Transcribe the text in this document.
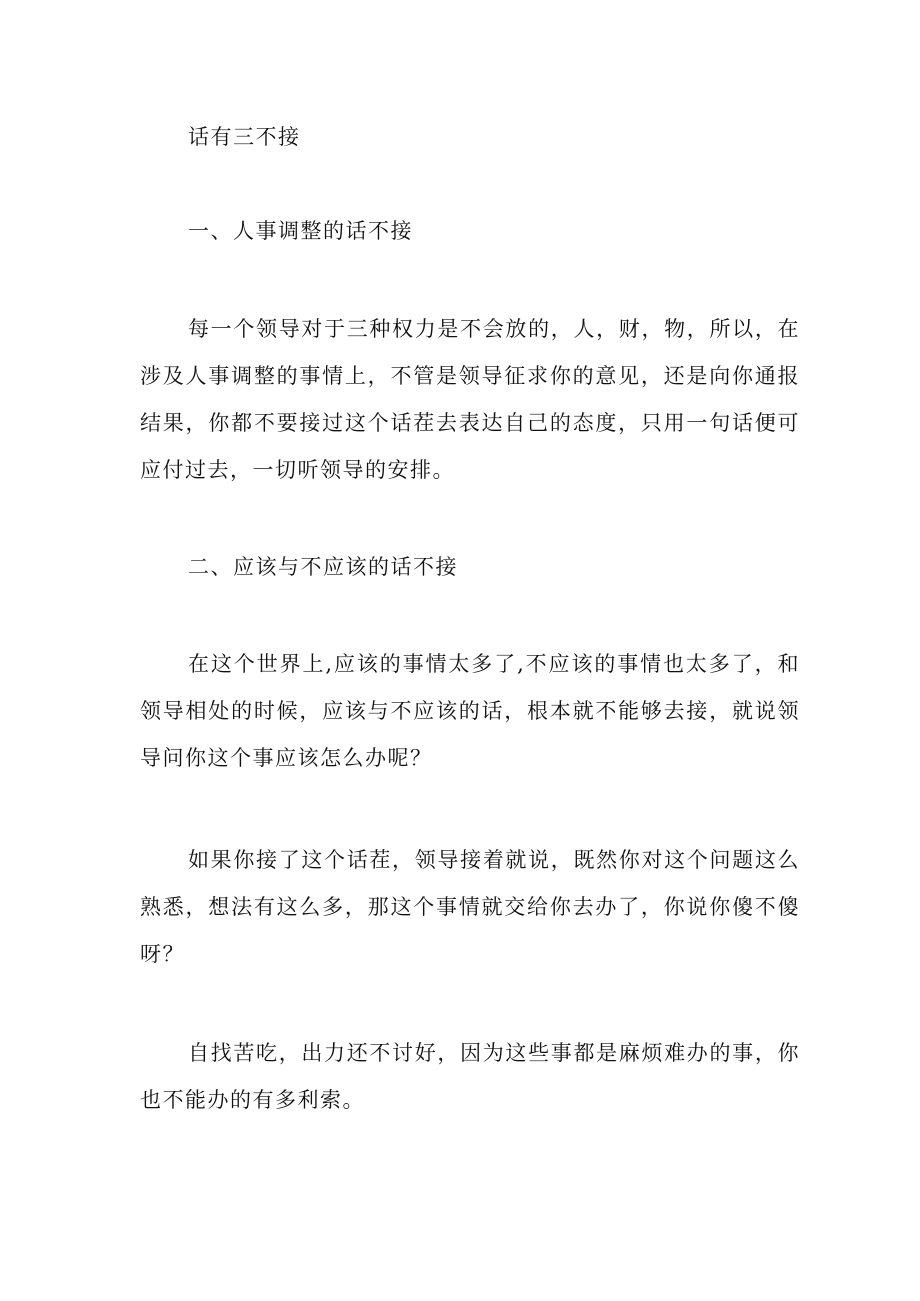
话有三不接

一、人事调整的话不接

每一个领导对于三种权力是不会放的，人，财，物，所以，在涉及人事调整的事情上，不管是领导征求你的意见，还是向你通报结果，你都不要接过这个话茬去表达自己的态度，只用一句话便可应付过去，一切听领导的安排。

二、应该与不应该的话不接

在这个世界上,应该的事情太多了,不应该的事情也太多了，和领导相处的时候，应该与不应该的话，根本就不能够去接，就说领导问你这个事应该怎么办呢？

如果你接了这个话茬，领导接着就说，既然你对这个问题这么熟悉，想法有这么多，那这个事情就交给你去办了，你说你傻不傻呀？

自找苦吃，出力还不讨好，因为这些事都是麻烦难办的事，你也不能办的有多利索。
